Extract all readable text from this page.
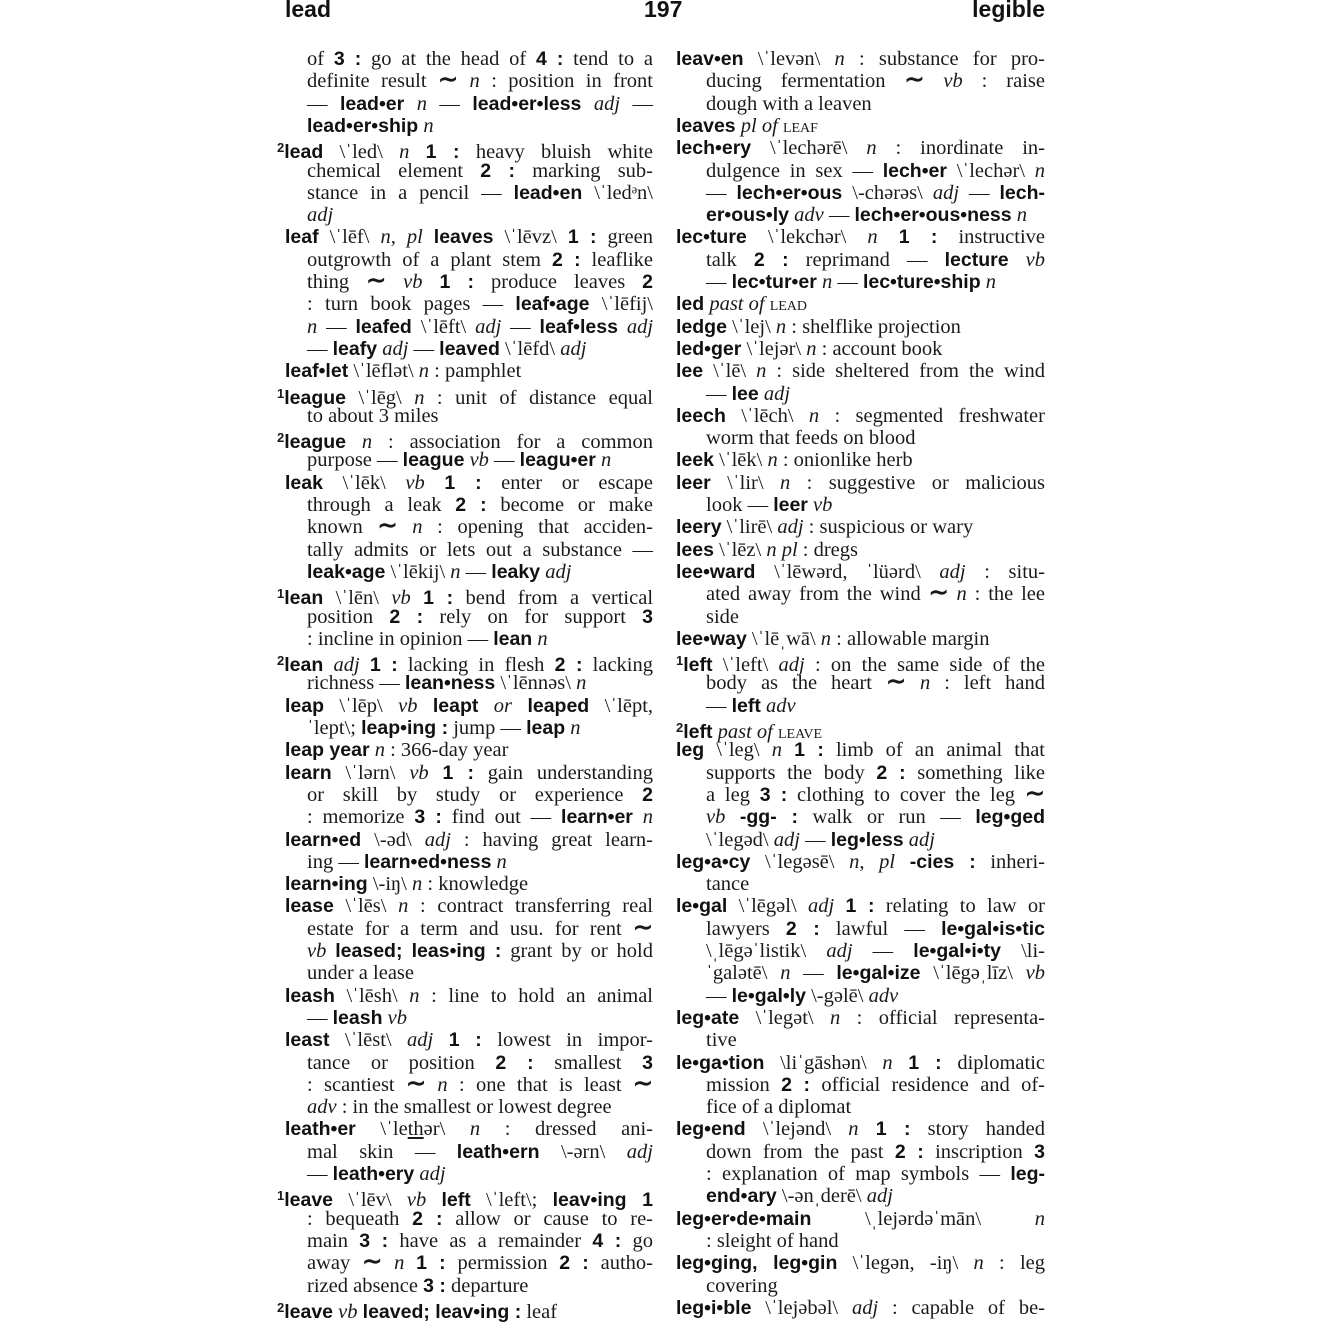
lead	197	legible
of 3 : go at the head of 4 : tend to a
definite result ∼ n : position in front
— lead•er n — lead•er•less adj —
lead•er•ship n
$^2$lead \ˈled\ n 1 : heavy bluish white
chemical element 2 : marking sub-
stance in a pencil — lead•en \ˈledᵊn\
adj
leaf \ˈlēf\ n, pl leaves \ˈlēvz\ 1 : green
outgrowth of a plant stem 2 : leaflike
thing ∼ vb 1 : produce leaves 2
: turn book pages — leaf•age \ˈlēfij\
n — leafed \ˈlēft\ adj — leaf•less adj
— leafy adj — leaved \ˈlēfd\ adj
leaf•let \ˈlēflət\ n : pamphlet
$^1$league \ˈlēg\ n : unit of distance equal
to about 3 miles
$^2$league n : association for a common
purpose — league vb — leagu•er n
leak \ˈlēk\ vb 1 : enter or escape
through a leak 2 : become or make
known ∼ n : opening that acciden-
tally admits or lets out a substance —
leak•age \ˈlēkij\ n — leaky adj
$^1$lean \ˈlēn\ vb 1 : bend from a vertical
position 2 : rely on for support 3
: incline in opinion — lean n
$^2$lean adj 1 : lacking in flesh 2 : lacking
richness — lean•ness \ˈlēnnəs\ n
leap \ˈlēp\ vb leapt or leaped \ˈlēpt,
ˈlept\; leap•ing : jump — leap n
leap year n : 366-day year
learn \ˈlərn\ vb 1 : gain understanding
or skill by study or experience 2
: memorize 3 : find out — learn•er n
learn•ed \-əd\ adj : having great learn-
ing — learn•ed•ness n
learn•ing \-iŋ\ n : knowledge
lease \ˈlēs\ n : contract transferring real
estate for a term and usu. for rent ∼
vb leased; leas•ing : grant by or hold
under a lease
leash \ˈlēsh\ n : line to hold an animal
— leash vb
least \ˈlēst\ adj 1 : lowest in impor-
tance or position 2 : smallest 3
: scantiest ∼ n : one that is least ∼
adv : in the smallest or lowest degree
leath•er \ˈlethər\ n : dressed ani-
mal skin — leath•ern \-ərn\ adj
— leath•ery adj
$^1$leave \ˈlēv\ vb left \ˈleft\; leav•ing 1
: bequeath 2 : allow or cause to re-
main 3 : have as a remainder 4 : go
away ∼ n 1 : permission 2 : autho-
rized absence 3 : departure
$^2$leave vb leaved; leav•ing : leaf
leav•en \ˈlevən\ n : substance for pro-
ducing fermentation ∼ vb : raise
dough with a leaven
leaves pl of leaf
lech•ery \ˈlechərē\ n : inordinate in-
dulgence in sex — lech•er \ˈlechər\ n
— lech•er•ous \-chərəs\ adj — lech-
er•ous•ly adv — lech•er•ous•ness n
lec•ture \ˈlekchər\ n 1 : instructive
talk 2 : reprimand — lecture vb
— lec•tur•er n — lec•ture•ship n
led past of lead
ledge \ˈlej\ n : shelflike projection
led•ger \ˈlejər\ n : account book
lee \ˈlē\ n : side sheltered from the wind
— lee adj
leech \ˈlēch\ n : segmented freshwater
worm that feeds on blood
leek \ˈlēk\ n : onionlike herb
leer \ˈlir\ n : suggestive or malicious
look — leer vb
leery \ˈlirē\ adj : suspicious or wary
lees \ˈlēz\ n pl : dregs
lee•ward \ˈlēwərd, ˈlüərd\ adj : situ-
ated away from the wind ∼ n : the lee
side
lee•way \ˈlēˌwā\ n : allowable margin
$^1$left \ˈleft\ adj : on the same side of the
body as the heart ∼ n : left hand
— left adv
$^2$left past of leave
leg \ˈleg\ n 1 : limb of an animal that
supports the body 2 : something like
a leg 3 : clothing to cover the leg ∼
vb -gg- : walk or run — leg•ged
\ˈlegəd\ adj — leg•less adj
leg•a•cy \ˈlegəsē\ n, pl -cies : inheri-
tance
le•gal \ˈlēgəl\ adj 1 : relating to law or
lawyers 2 : lawful — le•gal•is•tic
\ˌlēgəˈlistik\ adj — le•gal•i•ty \li-
ˈgalətē\ n — le•gal•ize \ˈlēgəˌlīz\ vb
— le•gal•ly \-gəlē\ adv
leg•ate \ˈlegət\ n : official representa-
tive
le•ga•tion \liˈgāshən\ n 1 : diplomatic
mission 2 : official residence and of-
fice of a diplomat
leg•end \ˈlejənd\ n 1 : story handed
down from the past 2 : inscription 3
: explanation of map symbols — leg-
end•ary \-ənˌderē\ adj
leg•er•de•main \ˌlejərdəˈmān\ n
: sleight of hand
leg•ging, leg•gin \ˈlegən, -iŋ\ n : leg
covering
leg•i•ble \ˈlejəbəl\ adj : capable of be-
